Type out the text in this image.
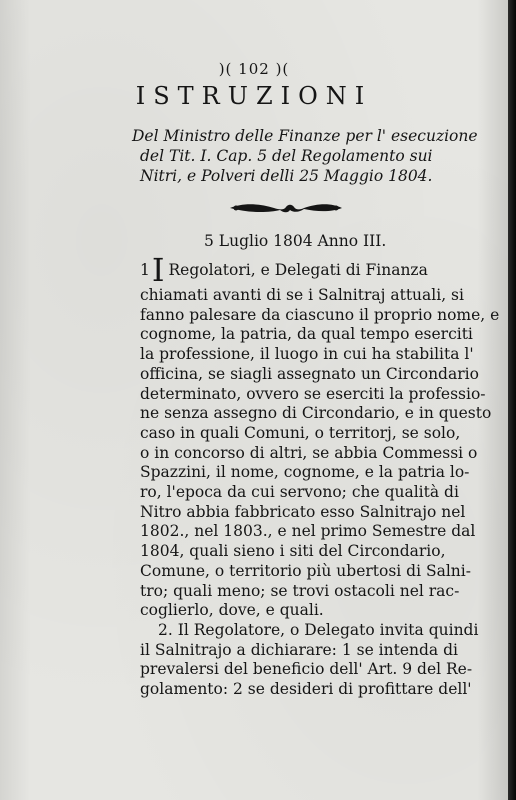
)( 102 )(
ISTRUZIONI
Del Ministro delle Finanze per l' esecuzione
del Tit. I. Cap. 5 del Regolamento sui
Nitri, e Polveri delli 25 Maggio 1804.
5 Luglio 1804 Anno III.
1I Regolatori, e Delegati di Finanza
chiamati avanti di se i Salnitraj attuali, si
fanno palesare da ciascuno il proprio nome, e
cognome, la patria, da qual tempo eserciti
la professione, il luogo in cui ha stabilita l'
officina, se siagli assegnato un Circondario
determinato, ovvero se eserciti la professio-
ne senza assegno di Circondario, e in questo
caso in quali Comuni, o territorj, se solo,
o in concorso di altri, se abbia Commessi o
Spazzini, il nome, cognome, e la patria lo-
ro, l'epoca da cui servono; che qualità di
Nitro abbia fabbricato esso Salnitrajo nel
1802., nel 1803., e nel primo Semestre dal
1804, quali sieno i siti del Circondario,
Comune, o territorio più ubertosi di Salni-
tro; quali meno; se trovi ostacoli nel rac-
coglierlo, dove, e quali.
2. Il Regolatore, o Delegato invita quindi
il Salnitrajo a dichiarare: 1 se intenda di
prevalersi del beneficio dell' Art. 9 del Re-
golamento: 2 se desideri di profittare dell'
